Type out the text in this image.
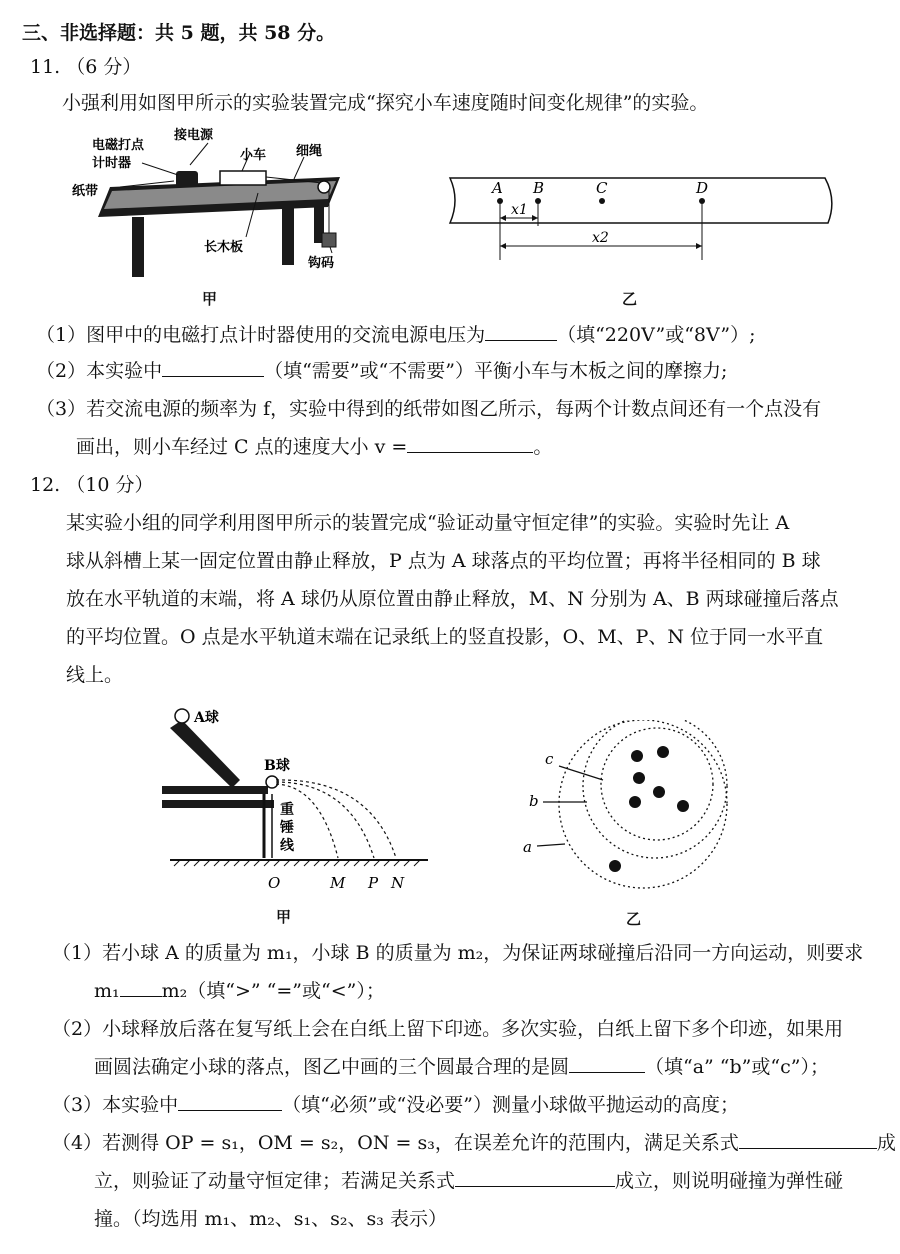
三、非选择题：共 5 题，共 58 分。
11. （6 分）
小强利用如图甲所示的实验装置完成“探究小车速度随时间变化规律”的实验。
电磁打点
计时器
接电源
小车 细绳
纸带
长木板
钩码
甲
A B	C	D
x1
x2
乙
（1）图甲中的电磁打点计时器使用的交流电源电压为	（填“220V”或“8V”）;
（2）本实验中	（填“需要”或“不需要”）平衡小车与木板之间的摩擦力;
（3）若交流电源的频率为 f，实验中得到的纸带如图乙所示，每两个计数点间还有一个点没有
画出，则小车经过 C 点的速度大小 v =	。
12. （10 分）
某实验小组的同学利用图甲所示的装置完成“验证动量守恒定律”的实验。实验时先让 A
球从斜槽上某一固定位置由静止释放，P 点为 A 球落点的平均位置；再将半径相同的 B 球
放在水平轨道的末端，将 A 球仍从原位置由静止释放，M、N 分别为 A、B 两球碰撞后落点
的平均位置。O 点是水平轨道末端在记录纸上的竖直投影，O、M、P、N 位于同一水平直
线上。
A球
B球
重
锤
线
O	M P N
甲
c
b
a
乙
（1）若小球 A 的质量为 m₁，小球 B 的质量为 m₂，为保证两球碰撞后沿同一方向运动，则要求
m₁ m₂（填“>” “=”或“<”）；
（2）小球释放后落在复写纸上会在白纸上留下印迹。多次实验，白纸上留下多个印迹，如果用
画圆法确定小球的落点，图乙中画的三个圆最合理的是圆	（填“a” “b”或“c”）；
（3）本实验中	（填“必须”或“没必要”）测量小球做平抛运动的高度；
（4）若测得 OP = s₁，OM = s₂，ON = s₃，在误差允许的范围内，满足关系式	成
立，则验证了动量守恒定律；若满足关系式	成立，则说明碰撞为弹性碰
撞。（均选用 m₁、m₂、s₁、s₂、s₃ 表示）
